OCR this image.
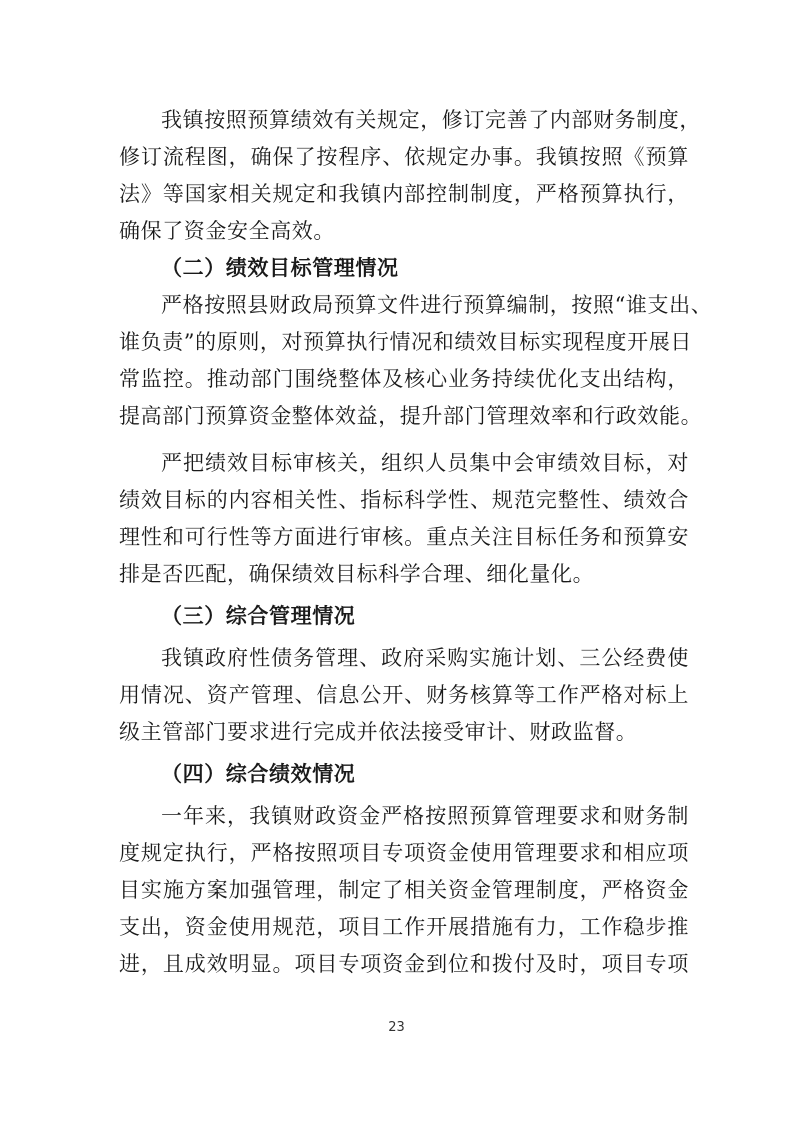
我镇按照预算绩效有关规定，修订完善了内部财务制度，
修订流程图，确保了按程序、依规定办事。我镇按照《预算
法》等国家相关规定和我镇内部控制制度，严格预算执行，
确保了资金安全高效。
（二）绩效目标管理情况
严格按照县财政局预算文件进行预算编制，按照“谁支出、
谁负责”的原则，对预算执行情况和绩效目标实现程度开展日
常监控。推动部门围绕整体及核心业务持续优化支出结构，
提高部门预算资金整体效益，提升部门管理效率和行政效能。
严把绩效目标审核关，组织人员集中会审绩效目标，对
绩效目标的内容相关性、指标科学性、规范完整性、绩效合
理性和可行性等方面进行审核。重点关注目标任务和预算安
排是否匹配，确保绩效目标科学合理、细化量化。
（三）综合管理情况
我镇政府性债务管理、政府采购实施计划、三公经费使
用情况、资产管理、信息公开、财务核算等工作严格对标上
级主管部门要求进行完成并依法接受审计、财政监督。
（四）综合绩效情况
一年来，我镇财政资金严格按照预算管理要求和财务制
度规定执行，严格按照项目专项资金使用管理要求和相应项
目实施方案加强管理，制定了相关资金管理制度，严格资金
支出，资金使用规范，项目工作开展措施有力，工作稳步推
进，且成效明显。项目专项资金到位和拨付及时，项目专项
23
